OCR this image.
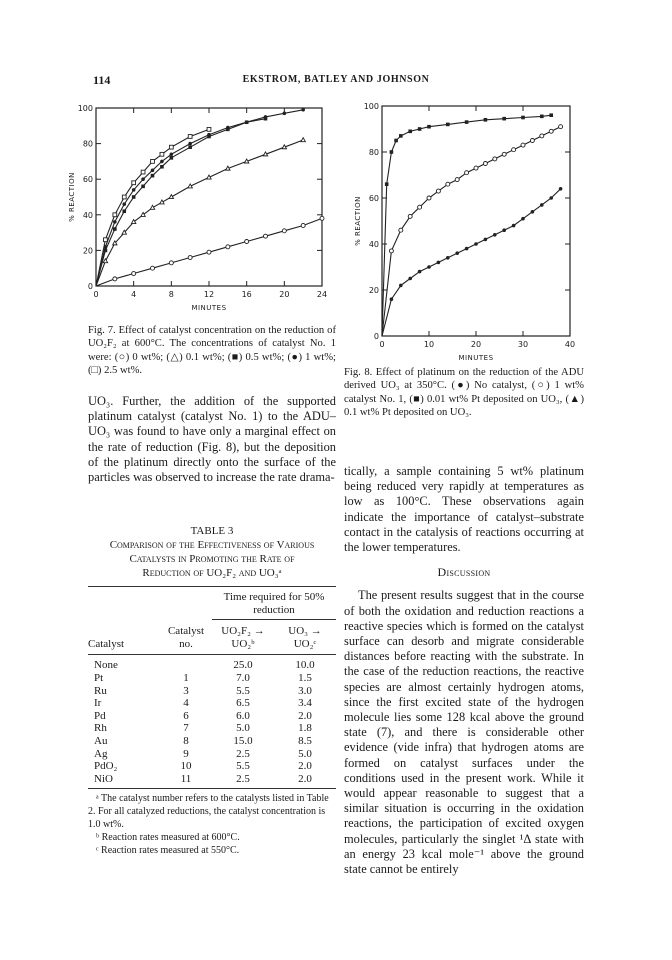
114	EKSTROM, BATLEY AND JOHNSON
0	4	8	12	16	20	24
0
20
40
60
80
100
MINUTES
% REACTION
Fig. 7. Effect of catalyst concentration on the reduction of UO₂F₂ at 600°C. The concentrations of catalyst No. 1 were: (○) 0 wt%; (△) 0.1 wt%; (■) 0.5 wt%; (●) 1 wt%; (□) 2.5 wt%.
0	10	20	30	40
0
20
40
60
80
100
MINUTES
% REACTION
Fig. 8. Effect of platinum on the reduction of the ADU derived UO₃ at 350°C. (●) No catalyst, (○) 1 wt% catalyst No. 1, (■) 0.01 wt% Pt deposited on UO₃, (▲) 0.1 wt% Pt deposited on UO₃.

UO₃. Further, the addition of the supported platinum catalyst (catalyst No. 1) to the ADU–UO₃ was found to have only a marginal effect on the rate of reduction (Fig. 8), but the deposition of the platinum directly onto the surface of the particles was observed to increase the rate drama-

TABLE 3
Comparison of the Effectiveness of Various
Catalysts in Promoting the Rate of
Reduction of UO₂F₂ and UO₃ᵃ
		Time required for 50% reduction	
	Catalyst	UO₂F₂ →	UO₃ →
Catalyst	no.	UO₂ᵇ	UO₂ᶜ
None		25.0	10.0
Pt	1	7.0	1.5
Ru	3	5.5	3.0
Ir	4	6.5	3.4
Pd	6	6.0	2.0
Rh	7	5.0	1.8
Au	8	15.0	8.5
Ag	9	2.5	5.0
PdO₂	10	5.5	2.0
NiO	11	2.5	2.0
ᵃ The catalyst number refers to the catalysts listed in Table 2. For all catalyzed reductions, the catalyst concentration is 1.0 wt%.
ᵇ Reaction rates measured at 600°C.
ᶜ Reaction rates measured at 550°C.

tically, a sample containing 5 wt% platinum being reduced very rapidly at temperatures as low as 100°C. These observations again indicate the importance of catalyst–substrate contact in the catalysis of reactions occurring at the lower temperatures.

Discussion

The present results suggest that in the course of both the oxidation and reduction reactions a reactive species which is formed on the catalyst surface can desorb and migrate considerable distances before reacting with the substrate. In the case of the reduction reactions, the reactive species are almost certainly hydrogen atoms, since the first excited state of the hydrogen molecule lies some 128 kcal above the ground state (7), and there is considerable other evidence (vide infra) that hydrogen atoms are formed on catalyst surfaces under the conditions used in the present work. While it would appear reasonable to suggest that a similar situation is occurring in the oxidation reactions, the participation of excited oxygen molecules, particularly the singlet ¹Δ state with an energy 23 kcal mole⁻¹ above the ground state cannot be entirely
